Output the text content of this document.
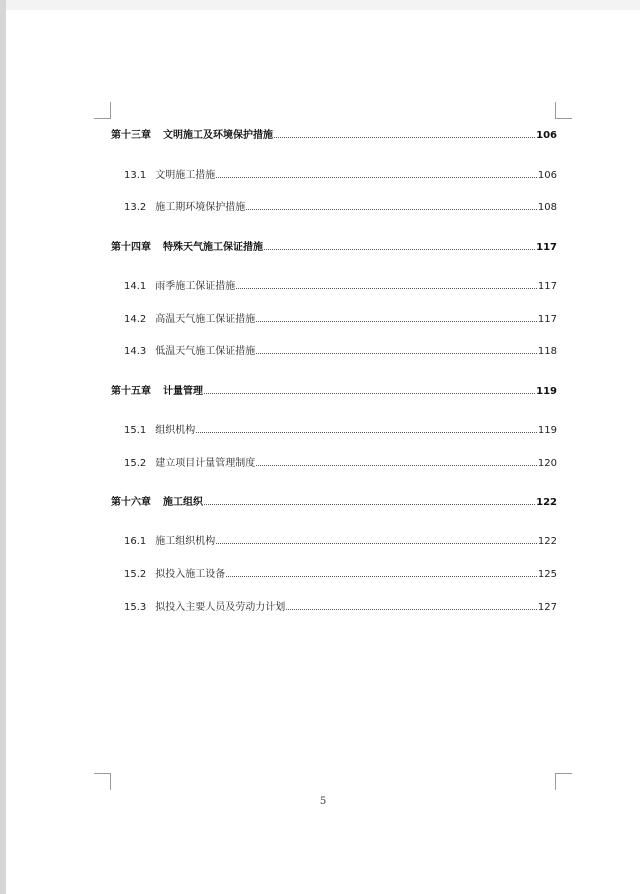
第十三章 文明施工及环境保护措施	106
13.1 文明施工措施	106
13.2 施工期环境保护措施	108
第十四章 特殊天气施工保证措施	117
14.1 雨季施工保证措施	117
14.2 高温天气施工保证措施	117
14.3 低温天气施工保证措施	118
第十五章 计量管理	119
15.1 组织机构	119
15.2 建立项目计量管理制度	120
第十六章 施工组织	122
16.1 施工组织机构	122
15.2 拟投入施工设备	125
15.3 拟投入主要人员及劳动力计划	127
5
